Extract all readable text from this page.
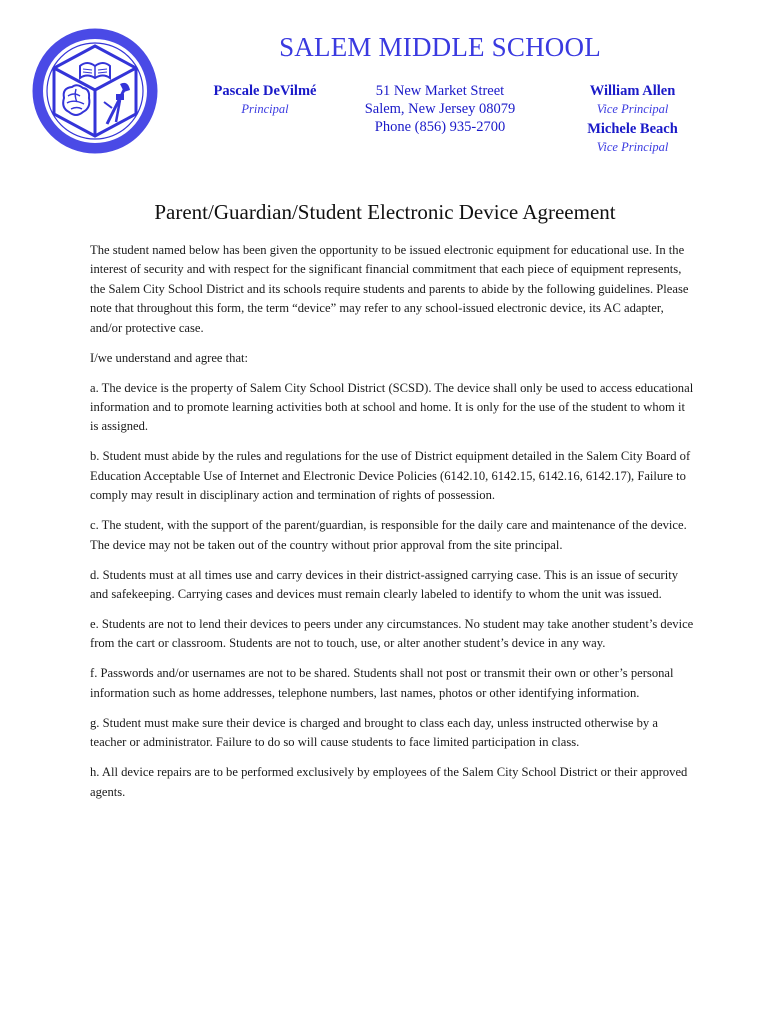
SALEM MIDDLE SCHOOL
Pascale DeVilmé
Principal
51 New Market Street
Salem, New Jersey 08079
Phone (856) 935-2700
William Allen
Vice Principal
Michele Beach
Vice Principal
Parent/Guardian/Student Electronic Device Agreement

The student named below has been given the opportunity to be issued electronic equipment for educational use. In the interest of security and with respect for the significant financial commitment that each piece of equipment represents, the Salem City School District and its schools require students and parents to abide by the following guidelines. Please note that throughout this form, the term “device” may refer to any school-issued electronic device, its AC adapter, and/or protective case.

I/we understand and agree that:

a. The device is the property of Salem City School District (SCSD). The device shall only be used to access educational information and to promote learning activities both at school and home. It is only for the use of the student to whom it is assigned.

b. Student must abide by the rules and regulations for the use of District equipment detailed in the Salem City Board of Education Acceptable Use of Internet and Electronic Device Policies (6142.10, 6142.15, 6142.16, 6142.17), Failure to comply may result in disciplinary action and termination of rights of possession.

c. The student, with the support of the parent/guardian, is responsible for the daily care and maintenance of the device. The device may not be taken out of the country without prior approval from the site principal.

d. Students must at all times use and carry devices in their district-assigned carrying case. This is an issue of security and safekeeping. Carrying cases and devices must remain clearly labeled to identify to whom the unit was issued.

e. Students are not to lend their devices to peers under any circumstances. No student may take another student’s device from the cart or classroom. Students are not to touch, use, or alter another student’s device in any way.

f. Passwords and/or usernames are not to be shared. Students shall not post or transmit their own or other’s personal information such as home addresses, telephone numbers, last names, photos or other identifying information.

g. Student must make sure their device is charged and brought to class each day, unless instructed otherwise by a teacher or administrator. Failure to do so will cause students to face limited participation in class.

h. All device repairs are to be performed exclusively by employees of the Salem City School District or their approved agents.
